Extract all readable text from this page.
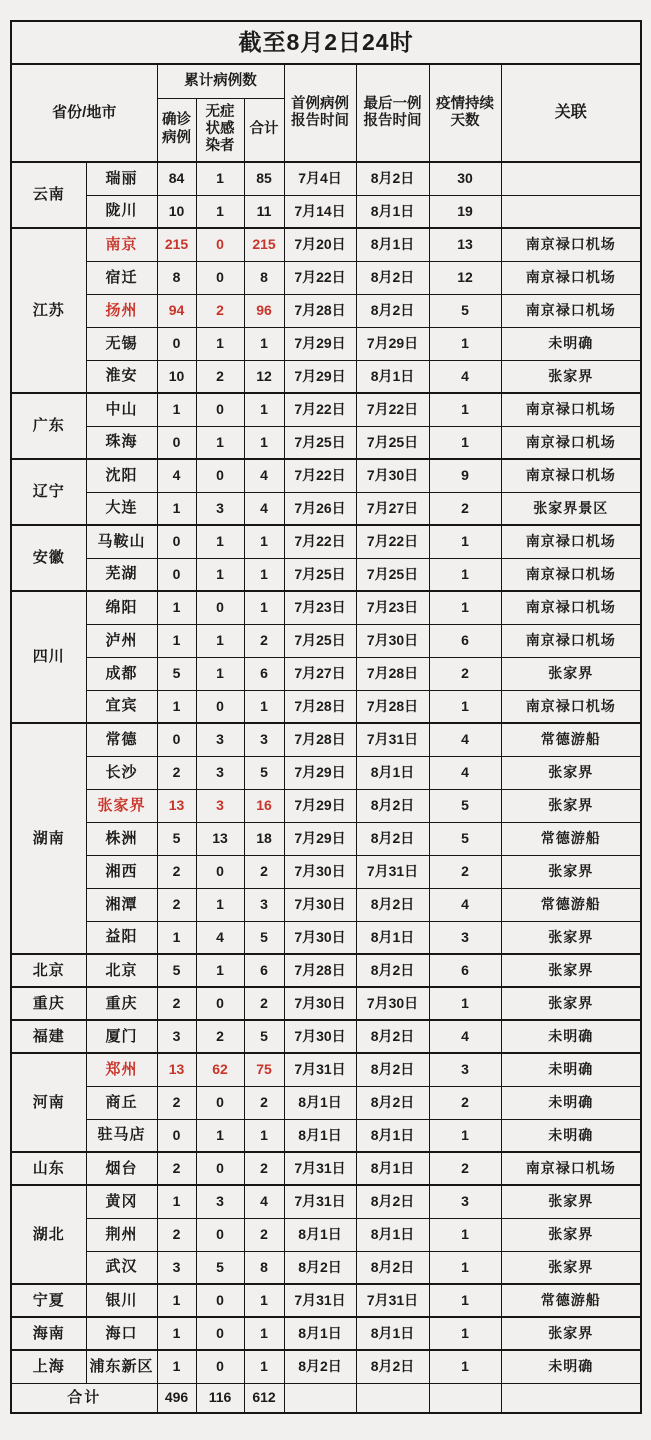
截至8月2日24时								
省份/地市		累计病例数			首例病例报告时间	最后一例报告时间	疫情持续天数	关联
		确诊病例	无症状感染者	合计				
云南	瑞丽	84	1	85	7月4日	8月2日	30	
	陇川	10	1	11	7月14日	8月1日	19	
江苏	南京	215	0	215	7月20日	8月1日	13	南京禄口机场
	宿迁	8	0	8	7月22日	8月2日	12	南京禄口机场
	扬州	94	2	96	7月28日	8月2日	5	南京禄口机场
	无锡	0	1	1	7月29日	7月29日	1	未明确
	淮安	10	2	12	7月29日	8月1日	4	张家界
广东	中山	1	0	1	7月22日	7月22日	1	南京禄口机场
	珠海	0	1	1	7月25日	7月25日	1	南京禄口机场
辽宁	沈阳	4	0	4	7月22日	7月30日	9	南京禄口机场
	大连	1	3	4	7月26日	7月27日	2	张家界景区
安徽	马鞍山	0	1	1	7月22日	7月22日	1	南京禄口机场
	芜湖	0	1	1	7月25日	7月25日	1	南京禄口机场
四川	绵阳	1	0	1	7月23日	7月23日	1	南京禄口机场
	泸州	1	1	2	7月25日	7月30日	6	南京禄口机场
	成都	5	1	6	7月27日	7月28日	2	张家界
	宜宾	1	0	1	7月28日	7月28日	1	南京禄口机场
湖南	常德	0	3	3	7月28日	7月31日	4	常德游船
	长沙	2	3	5	7月29日	8月1日	4	张家界
	张家界	13	3	16	7月29日	8月2日	5	张家界
	株洲	5	13	18	7月29日	8月2日	5	常德游船
	湘西	2	0	2	7月30日	7月31日	2	张家界
	湘潭	2	1	3	7月30日	8月2日	4	常德游船
	益阳	1	4	5	7月30日	8月1日	3	张家界
北京	北京	5	1	6	7月28日	8月2日	6	张家界
重庆	重庆	2	0	2	7月30日	7月30日	1	张家界
福建	厦门	3	2	5	7月30日	8月2日	4	未明确
河南	郑州	13	62	75	7月31日	8月2日	3	未明确
	商丘	2	0	2	8月1日	8月2日	2	未明确
	驻马店	0	1	1	8月1日	8月1日	1	未明确
山东	烟台	2	0	2	7月31日	8月1日	2	南京禄口机场
湖北	黄冈	1	3	4	7月31日	8月2日	3	张家界
	荆州	2	0	2	8月1日	8月1日	1	张家界
	武汉	3	5	8	8月2日	8月2日	1	张家界
宁夏	银川	1	0	1	7月31日	7月31日	1	常德游船
海南	海口	1	0	1	8月1日	8月1日	1	张家界
上海	浦东新区	1	0	1	8月2日	8月2日	1	未明确
合计		496	116	612				
